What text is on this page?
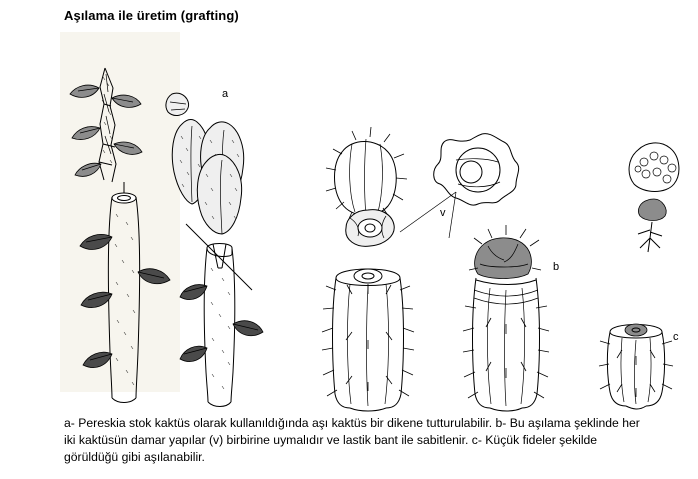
Aşılama ile üretim (grafting)
a
v
b
c
a- Pereskia stok kaktüs olarak kullanıldığında aşı kaktüs bir dikene tutturulabilir. b- Bu aşılama şeklinde her iki kaktüsün damar yapılar (v) birbirine uymalıdır ve lastik bant ile sabitlenir. c- Küçük fideler şekilde görüldüğü gibi aşılanabilir.
